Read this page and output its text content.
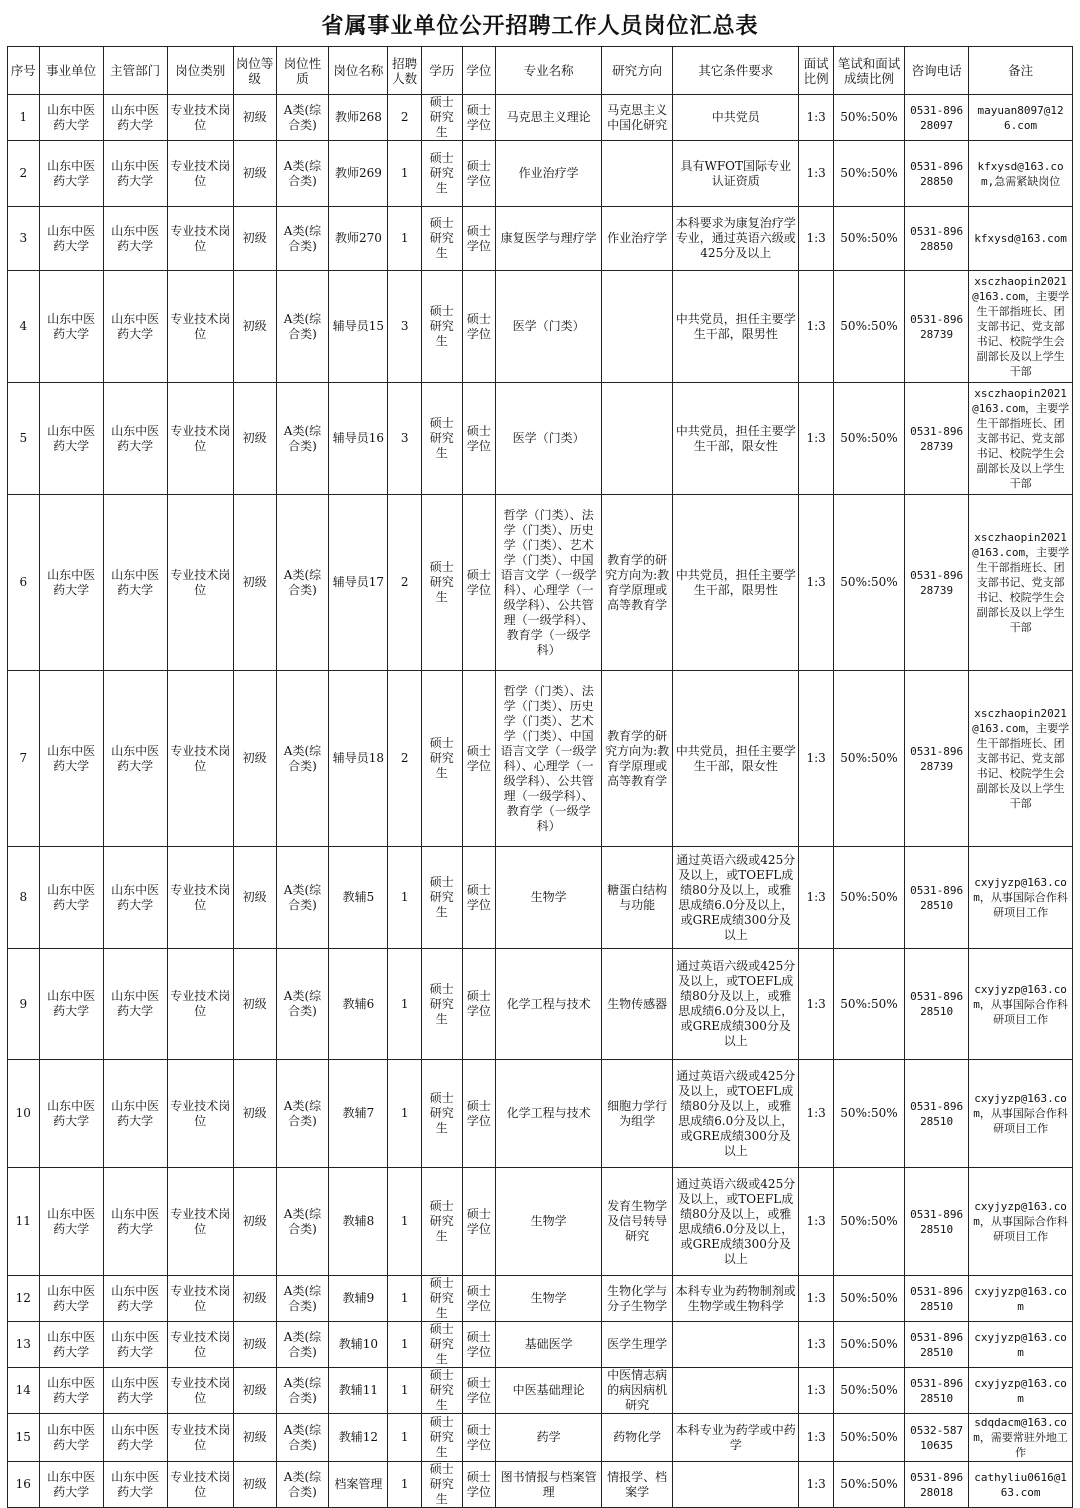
省属事业单位公开招聘工作人员岗位汇总表
序号	事业单位	主管部门	岗位类别	岗位等级	岗位性质	岗位名称	招聘人数	学历	学位	专业名称	研究方向	其它条件要求	面试比例	笔试和面试成绩比例	咨询电话	备注
1	山东中医药大学	山东中医药大学	专业技术岗位	初级	A类(综合类)	教师268	2	硕士研究生	硕士学位	马克思主义理论	马克思主义中国化研究	中共党员	1:3	50%:50%	0531-89628097	mayuan8097@126.com
2	山东中医药大学	山东中医药大学	专业技术岗位	初级	A类(综合类)	教师269	1	硕士研究生	硕士学位	作业治疗学		具有WFOT国际专业认证资质	1:3	50%:50%	0531-89628850	kfxysd@163.com,急需紧缺岗位
3	山东中医药大学	山东中医药大学	专业技术岗位	初级	A类(综合类)	教师270	1	硕士研究生	硕士学位	康复医学与理疗学	作业治疗学	本科要求为康复治疗学专业，通过英语六级或425分及以上	1:3	50%:50%	0531-89628850	kfxysd@163.com
4	山东中医药大学	山东中医药大学	专业技术岗位	初级	A类(综合类)	辅导员15	3	硕士研究生	硕士学位	医学（门类）		中共党员，担任主要学生干部，限男性	1:3	50%:50%	0531-89628739	xsczhaopin2021@163.com，主要学生干部指班长、团支部书记、党支部书记、校院学生会副部长及以上学生干部
5	山东中医药大学	山东中医药大学	专业技术岗位	初级	A类(综合类)	辅导员16	3	硕士研究生	硕士学位	医学（门类）		中共党员，担任主要学生干部，限女性	1:3	50%:50%	0531-89628739	xsczhaopin2021@163.com，主要学生干部指班长、团支部书记、党支部书记、校院学生会副部长及以上学生干部
6	山东中医药大学	山东中医药大学	专业技术岗位	初级	A类(综合类)	辅导员17	2	硕士研究生	硕士学位	哲学（门类）、法学（门类）、历史学（门类）、艺术学（门类）、中国语言文学（一级学科）、心理学（一级学科）、公共管理（一级学科）、教育学（一级学科）	教育学的研究方向为:教育学原理或高等教育学	中共党员，担任主要学生干部，限男性	1:3	50%:50%	0531-89628739	xsczhaopin2021@163.com，主要学生干部指班长、团支部书记、党支部书记、校院学生会副部长及以上学生干部
7	山东中医药大学	山东中医药大学	专业技术岗位	初级	A类(综合类)	辅导员18	2	硕士研究生	硕士学位	哲学（门类）、法学（门类）、历史学（门类）、艺术学（门类）、中国语言文学（一级学科）、心理学（一级学科）、公共管理（一级学科）、教育学（一级学科）	教育学的研究方向为:教育学原理或高等教育学	中共党员，担任主要学生干部，限女性	1:3	50%:50%	0531-89628739	xsczhaopin2021@163.com，主要学生干部指班长、团支部书记、党支部书记、校院学生会副部长及以上学生干部
8	山东中医药大学	山东中医药大学	专业技术岗位	初级	A类(综合类)	教辅5	1	硕士研究生	硕士学位	生物学	糖蛋白结构与功能	通过英语六级或425分及以上，或TOEFL成绩80分及以上，或雅思成绩6.0分及以上，或GRE成绩300分及以上	1:3	50%:50%	0531-89628510	cxyjyzp@163.com，从事国际合作科研项目工作
9	山东中医药大学	山东中医药大学	专业技术岗位	初级	A类(综合类)	教辅6	1	硕士研究生	硕士学位	化学工程与技术	生物传感器	通过英语六级或425分及以上，或TOEFL成绩80分及以上，或雅思成绩6.0分及以上，或GRE成绩300分及以上	1:3	50%:50%	0531-89628510	cxyjyzp@163.com，从事国际合作科研项目工作
10	山东中医药大学	山东中医药大学	专业技术岗位	初级	A类(综合类)	教辅7	1	硕士研究生	硕士学位	化学工程与技术	细胞力学行为组学	通过英语六级或425分及以上，或TOEFL成绩80分及以上，或雅思成绩6.0分及以上，或GRE成绩300分及以上	1:3	50%:50%	0531-89628510	cxyjyzp@163.com，从事国际合作科研项目工作
11	山东中医药大学	山东中医药大学	专业技术岗位	初级	A类(综合类)	教辅8	1	硕士研究生	硕士学位	生物学	发育生物学及信号转导研究	通过英语六级或425分及以上，或TOEFL成绩80分及以上，或雅思成绩6.0分及以上，或GRE成绩300分及以上	1:3	50%:50%	0531-89628510	cxyjyzp@163.com，从事国际合作科研项目工作
12	山东中医药大学	山东中医药大学	专业技术岗位	初级	A类(综合类)	教辅9	1	硕士研究生	硕士学位	生物学	生物化学与分子生物学	本科专业为药物制剂或生物学或生物科学	1:3	50%:50%	0531-89628510	cxyjyzp@163.com
13	山东中医药大学	山东中医药大学	专业技术岗位	初级	A类(综合类)	教辅10	1	硕士研究生	硕士学位	基础医学	医学生理学		1:3	50%:50%	0531-89628510	cxyjyzp@163.com
14	山东中医药大学	山东中医药大学	专业技术岗位	初级	A类(综合类)	教辅11	1	硕士研究生	硕士学位	中医基础理论	中医情志病的病因病机研究		1:3	50%:50%	0531-89628510	cxyjyzp@163.com
15	山东中医药大学	山东中医药大学	专业技术岗位	初级	A类(综合类)	教辅12	1	硕士研究生	硕士学位	药学	药物化学	本科专业为药学或中药学	1:3	50%:50%	0532-58710635	sdqdacm@163.com，需要常驻外地工作
16	山东中医药大学	山东中医药大学	专业技术岗位	初级	A类(综合类)	档案管理	1	硕士研究生	硕士学位	图书情报与档案管理	情报学、档案学		1:3	50%:50%	0531-89628018	cathyliu0616@163.com
